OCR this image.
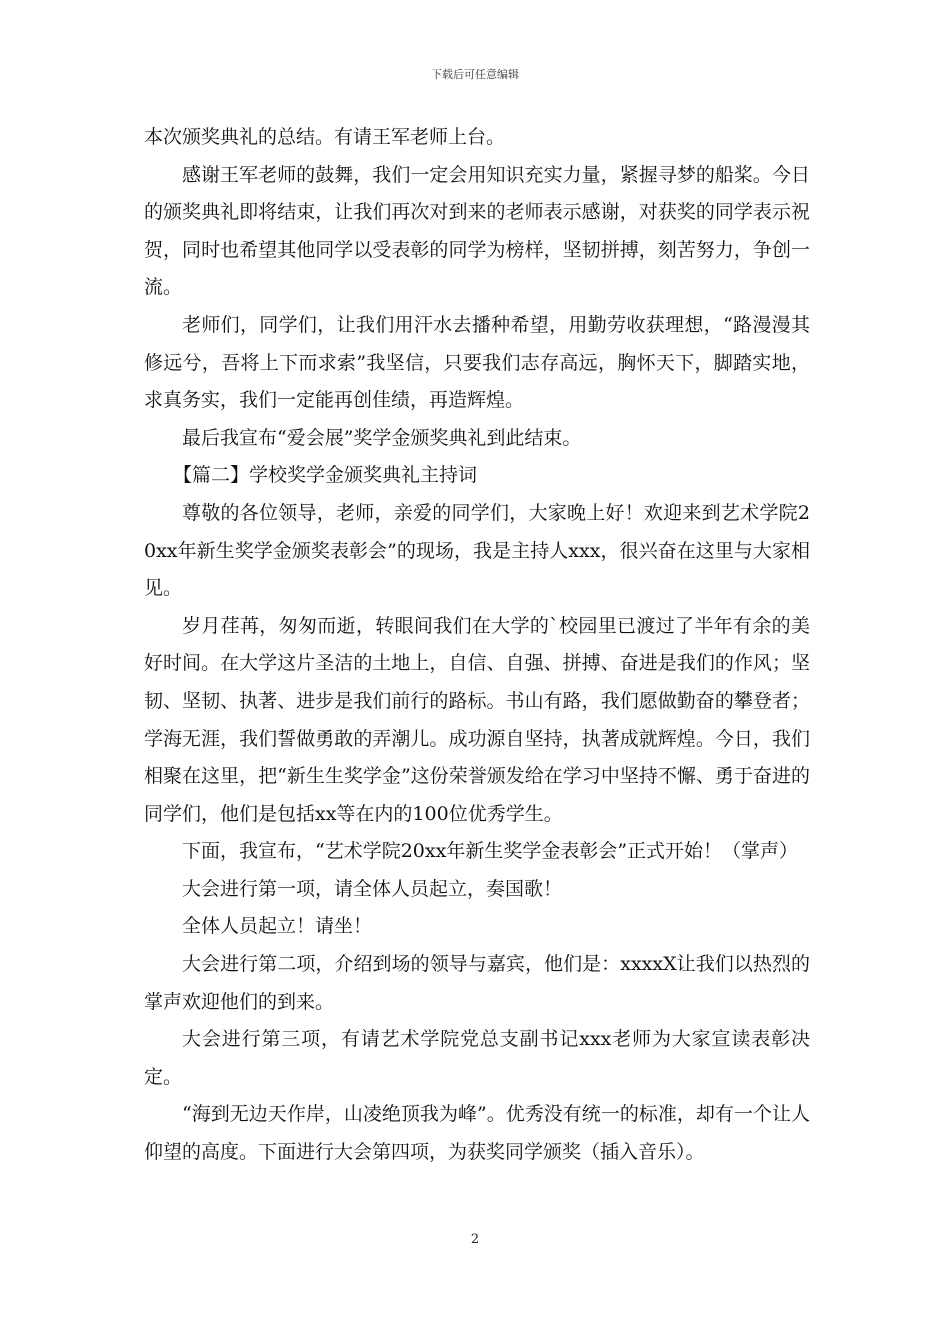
下载后可任意编辑

本次颁奖典礼的总结。有请王军老师上台。

感谢王军老师的鼓舞，我们一定会用知识充实力量，紧握寻梦的船桨。今日的颁奖典礼即将结束，让我们再次对到来的老师表示感谢，对获奖的同学表示祝贺，同时也希望其他同学以受表彰的同学为榜样，坚韧拼搏，刻苦努力，争创一流。

老师们，同学们，让我们用汗水去播种希望，用勤劳收获理想，“路漫漫其修远兮，吾将上下而求索”我坚信，只要我们志存高远，胸怀天下，脚踏实地，求真务实，我们一定能再创佳绩，再造辉煌。

最后我宣布“爱会展”奖学金颁奖典礼到此结束。

【篇二】学校奖学金颁奖典礼主持词

尊敬的各位领导，老师，亲爱的同学们，大家晚上好！欢迎来到艺术学院20xx年新生奖学金颁奖表彰会”的现场，我是主持人xxx，很兴奋在这里与大家相见。

岁月荏苒，匆匆而逝，转眼间我们在大学的`校园里已渡过了半年有余的美好时间。在大学这片圣洁的土地上，自信、自强、拼搏、奋进是我们的作风；坚韧、坚韧、执著、进步是我们前行的路标。书山有路，我们愿做勤奋的攀登者；学海无涯，我们誓做勇敢的弄潮儿。成功源自坚持，执著成就辉煌。今日，我们相聚在这里，把“新生生奖学金”这份荣誉颁发给在学习中坚持不懈、勇于奋进的同学们，他们是包括xx等在内的100位优秀学生。

下面，我宣布，“艺术学院20xx年新生奖学金表彰会”正式开始！（掌声）

大会进行第一项，请全体人员起立，奏国歌！

全体人员起立！请坐！

大会进行第二项，介绍到场的领导与嘉宾，他们是：xxxxX让我们以热烈的掌声欢迎他们的到来。

大会进行第三项，有请艺术学院党总支副书记xxx老师为大家宣读表彰决定。

“海到无边天作岸，山凌绝顶我为峰”。优秀没有统一的标准，却有一个让人仰望的高度。下面进行大会第四项，为获奖同学颁奖（插入音乐）。

2
